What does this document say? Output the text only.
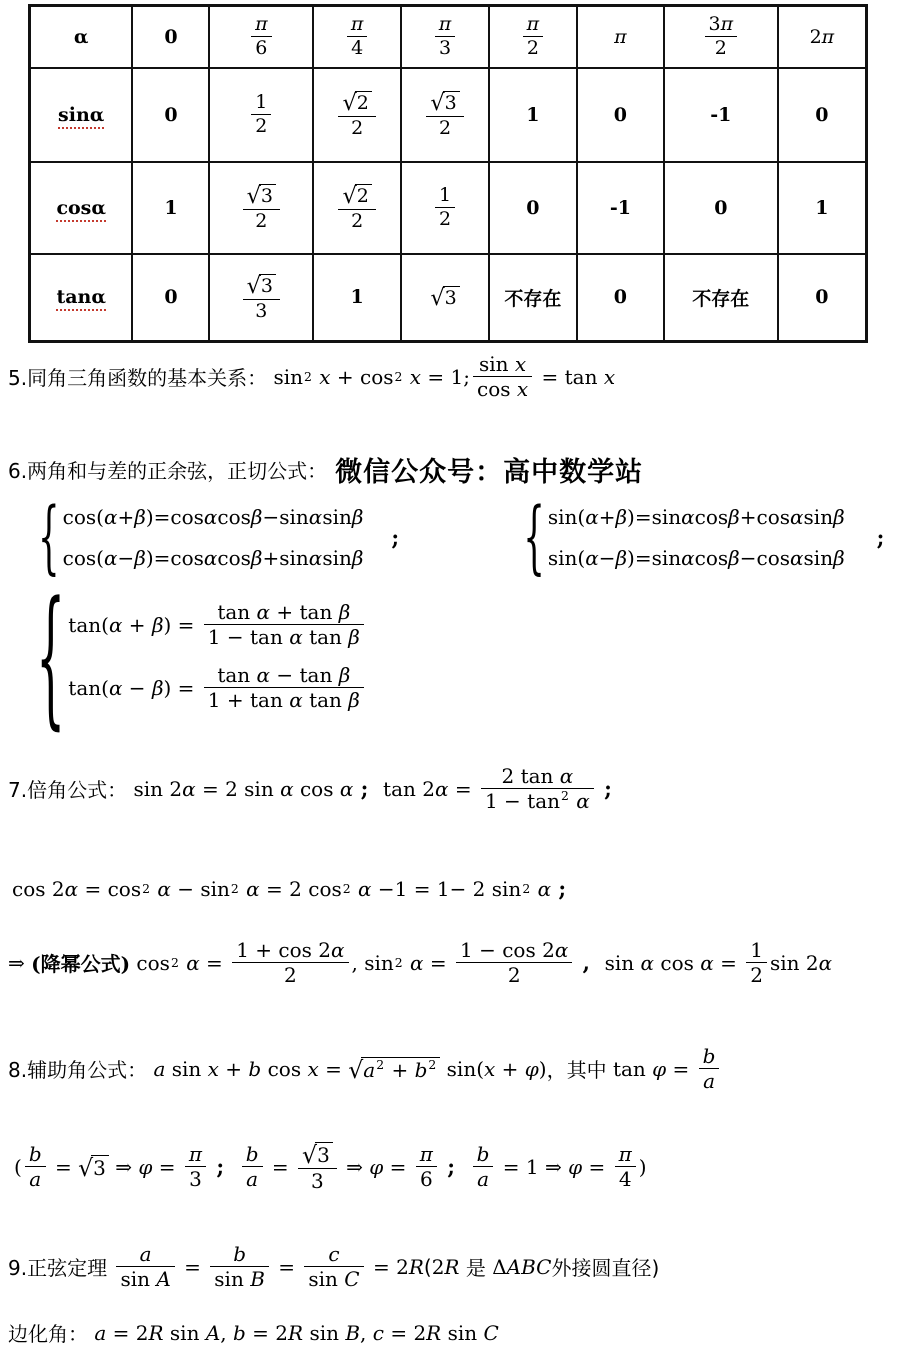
α	0	$\frac{\pi}{6}$	$\frac{\pi}{4}$	$\frac{\pi}{3}$	$\frac{\pi}{2}$	π	$\frac{3\pi}{2}$	2π
sinα	0	$\frac{1}{2}$	$\frac{√2}{2}$	$\frac{√3}{2}$	1	0	-1	0
cosα	1	$\frac{√3}{2}$	$\frac{√2}{2}$	$\frac{1}{2}$	0	-1	0	1
tanα	0	$\frac{√3}{3}$	1	√3	不存在	0	不存在	0
5.同角三角函数的基本关系： sin 2 x + cos 2 x = 1; $\frac{\text{sin x}}{\text{cos x}} = \tan x$
6.两角和与差的正余弦，正切公式： 微信公众号：高中数学站
{ cos(α+β)=cosαcosβ−sinαsinβ
cos(α−β)=cosαcosβ+sinαsinβ
;	{ sin(α+β)=sinαcosβ+cosαsinβ
sin(α−β)=sinαcosβ−cosαsinβ
;
{ $\tan(\alpha + \beta) = \frac{\text{tan α + tan β}}{\text{1 − tan α tan β}}$
$\tan(\alpha - \beta) = \frac{\text{tan α − tan β}}{\text{1 + tan α tan β}}$
7.倍角公式： sin 2α = 2 sin α cos α ; $\tan 2\alpha = \frac{\text{2 tan α}}{1 - \tan^2 \alpha}$ ;
cos 2α = cos 2 α − sin 2 α = 2 cos 2 α −1 = 1− 2 sin 2 α ;
⇒ (降幂公式) cos 2 $\alpha = \frac{1 + \cos 2\alpha}{2}$ , sin 2 $\alpha = \frac{1 - \cos 2\alpha}{2}$ , sin α $\cos \alpha = \frac{1}{2}$ sin 2α
8.辅助角公式： a sin x + b $\cos x = √a^2 + b^2$ sin(x + φ) ，其中 $\tan \varphi = \frac{b}{a}$
( $\frac{b}{a} = √3$ ⇒ $\varphi = \frac{\pi}{3}$ ; $\frac{b}{a} = \frac{√3}{3}$ ⇒ $\varphi = \frac{\pi}{6}$ ; $\frac{b}{a} = 1$ ⇒ $\varphi = \frac{\pi}{4}$ )
9.正弦定理 $\frac{a}{\text{sin A}} = \frac{b}{\text{sin B}} = \frac{c}{\text{sin C}} = 2R$ ( 2R 是 ΔABC 外接圆直径)
边化角： a = 2R sin A, b = 2R sin B, c = 2R sin C
